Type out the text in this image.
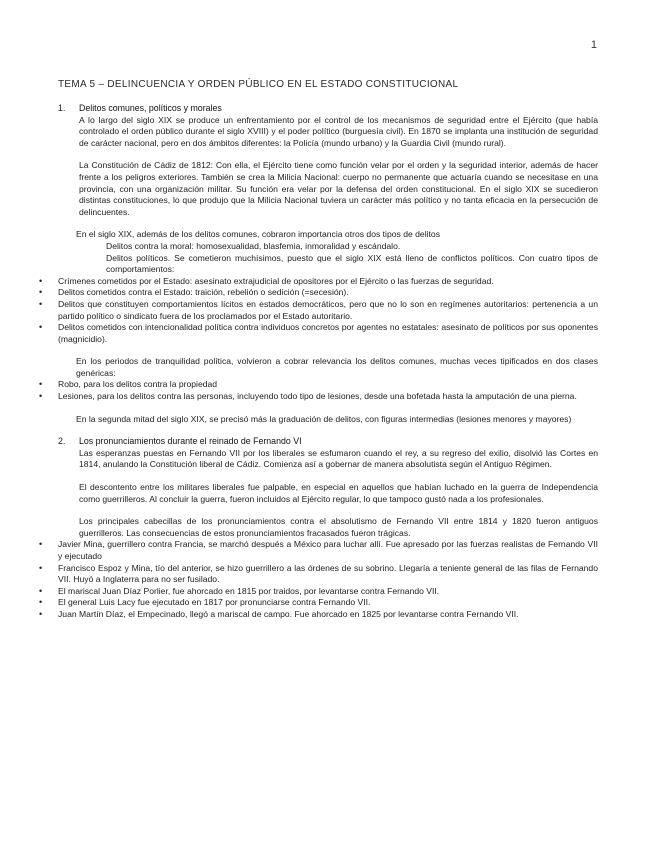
1
TEMA 5 – DELINCUENCIA Y ORDEN PÚBLICO EN EL ESTADO CONSTITUCIONAL
1.	Delitos comunes, políticos y morales

A lo largo del siglo XIX se produce un enfrentamiento por el control de los mecanismos de seguridad entre el Ejército (que había controlado el orden público durante el siglo XVIII) y el poder político (burguesía civil). En 1870 se implanta una institución de seguridad de carácter nacional, pero en dos ámbitos diferentes: la Policía (mundo urbano) y la Guardia Civil (mundo rural).

La Constitución de Cádiz de 1812: Con ella, el Ejército tiene como función velar por el orden y la seguridad interior, además de hacer frente a los peligros exteriores. También se crea la Milicia Nacional: cuerpo no permanente que actuaría cuando se necesitase en una provincia, con una organización militar. Su función era velar por la defensa del orden constitucional. En el siglo XIX se sucedieron distintas constituciones, lo que produjo que la Milicia Nacional tuviera un carácter más político y no tanta eficacia en la persecución de delincuentes.

En el siglo XIX, además de los delitos comunes, cobraron importancia otros dos tipos de delitos

Delitos contra la moral: homosexualidad, blasfemia, inmoralidad y escándalo.

Delitos políticos. Se cometieron muchísimos, puesto que el siglo XIX está lleno de conflictos políticos. Con cuatro tipos de comportamientos:

• Crímenes cometidos por el Estado: asesinato extrajudicial de opositores por el Ejército o las fuerzas de seguridad.
• Delitos cometidos contra el Estado: traición, rebelión o sedición (=secesión).
• Delitos que constituyen comportamientos lícitos en estados democráticos, pero que no lo son en regímenes autoritarios: pertenencia a un partido político o sindicato fuera de los proclamados por el Estado autoritario.
• Delitos cometidos con intencionalidad política contra individuos concretos por agentes no estatales: asesinato de políticos por sus oponentes (magnicidio).

En los periodos de tranquilidad política, volvieron a cobrar relevancia los delitos comunes, muchas veces tipificados en dos clases genéricas:

• Robo, para los delitos contra la propiedad
• Lesiones, para los delitos contra las personas, incluyendo todo tipo de lesiones, desde una bofetada hasta la amputación de una pierna.

En la segunda mitad del siglo XIX, se precisó más la graduación de delitos, con figuras intermedias (lesiones menores y mayores)

2.	Los pronunciamientos durante el reinado de Fernando VI

Las esperanzas puestas en Fernando VII por los liberales se esfumaron cuando el rey, a su regreso del exilio, disolvió las Cortes en 1814, anulando la Constitución liberal de Cádiz. Comienza así a gobernar de manera absolutista según el Antiguo Régimen.

El descontento entre los militares liberales fue palpable, en especial en aquellos que habían luchado en la guerra de Independencia como guerrilleros. Al concluir la guerra, fueron incluidos al Ejército regular, lo que tampoco gustó nada a los profesionales.

Los principales cabecillas de los pronunciamientos contra el absolutismo de Fernando VII entre 1814 y 1820 fueron antiguos guerrilleros. Las consecuencias de estos pronunciamientos fracasados fueron trágicas.

• Javier Mina, guerrillero contra Francia, se marchó después a México para luchar allí. Fue apresado por las fuerzas realistas de Fernando VII y ejecutado
• Francisco Espoz y Mina, tío del anterior, se hizo guerrillero a las órdenes de su sobrino. Llegaría a teniente general de las filas de Fernando VII. Huyó a Inglaterra para no ser fusilado.
• El mariscal Juan Díaz Porlier, fue ahorcado en 1815 por traidos, por levantarse contra Fernando VII.
• El general Luis Lacy fue ejecutado en 1817 por pronunciarse contra Fernando VII.
• Juan Martín Díaz, el Empecinado, llegó a mariscal de campo. Fue ahorcado en 1825 por levantarse contra Fernando VII.
